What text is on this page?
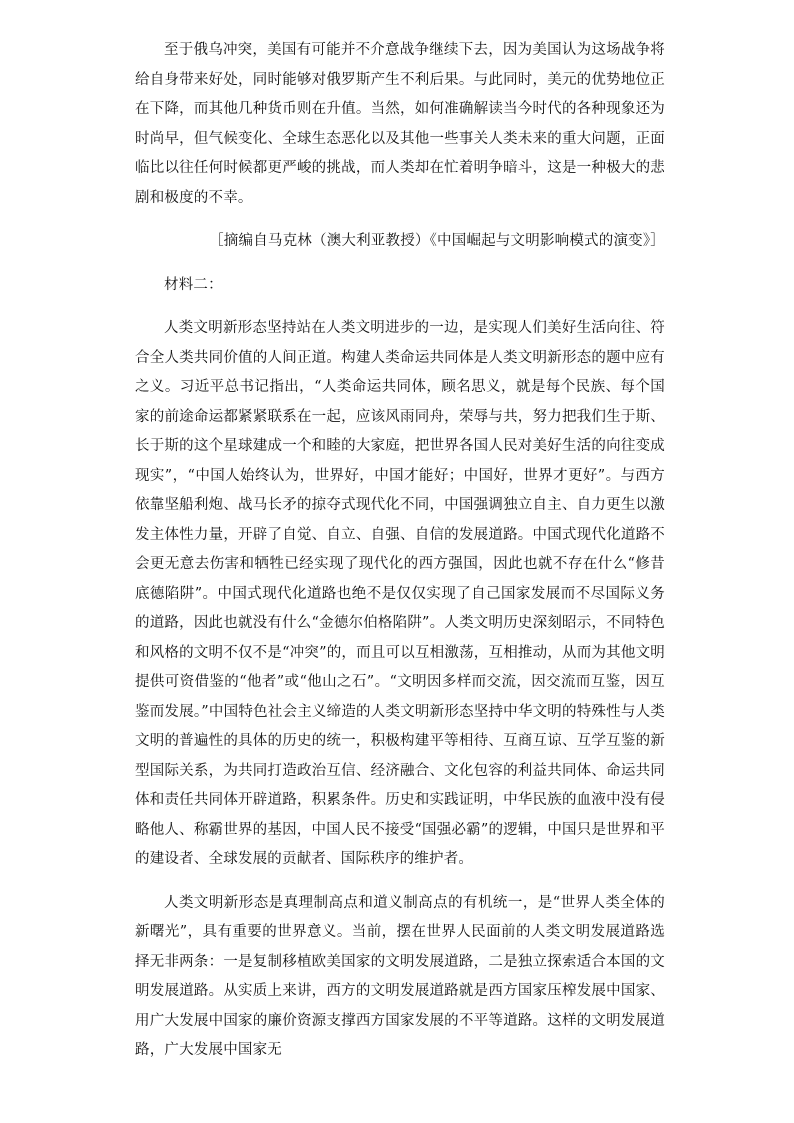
至于俄乌冲突，美国有可能并不介意战争继续下去，因为美国认为这场战争将给自身带来好处，同时能够对俄罗斯产生不利后果。与此同时，美元的优势地位正在下降，而其他几种货币则在升值。当然，如何准确解读当今时代的各种现象还为时尚早，但气候变化、全球生态恶化以及其他一些事关人类未来的重大问题，正面临比以往任何时候都更严峻的挑战，而人类却在忙着明争暗斗，这是一种极大的悲剧和极度的不幸。

［摘编自马克林（澳大利亚教授）《中国崛起与文明影响模式的演变》］

材料二：

人类文明新形态坚持站在人类文明进步的一边，是实现人们美好生活向往、符合全人类共同价值的人间正道。构建人类命运共同体是人类文明新形态的题中应有之义。习近平总书记指出，“人类命运共同体，顾名思义，就是每个民族、每个国家的前途命运都紧紧联系在一起，应该风雨同舟，荣辱与共，努力把我们生于斯、长于斯的这个星球建成一个和睦的大家庭，把世界各国人民对美好生活的向往变成现实”，“中国人始终认为，世界好，中国才能好；中国好，世界才更好”。与西方依靠坚船利炮、战马长矛的掠夺式现代化不同，中国强调独立自主、自力更生以激发主体性力量，开辟了自觉、自立、自强、自信的发展道路。中国式现代化道路不会更无意去伤害和牺牲已经实现了现代化的西方强国，因此也就不存在什么“修昔底德陷阱”。中国式现代化道路也绝不是仅仅实现了自己国家发展而不尽国际义务的道路，因此也就没有什么“金德尔伯格陷阱”。人类文明历史深刻昭示，不同特色和风格的文明不仅不是“冲突”的，而且可以互相激荡，互相推动，从而为其他文明提供可资借鉴的“他者”或“他山之石”。“文明因多样而交流，因交流而互鉴，因互鉴而发展。”中国特色社会主义缔造的人类文明新形态坚持中华文明的特殊性与人类文明的普遍性的具体的历史的统一，积极构建平等相待、互商互谅、互学互鉴的新型国际关系，为共同打造政治互信、经济融合、文化包容的利益共同体、命运共同体和责任共同体开辟道路，积累条件。历史和实践证明，中华民族的血液中没有侵略他人、称霸世界的基因，中国人民不接受“国强必霸”的逻辑，中国只是世界和平的建设者、全球发展的贡献者、国际秩序的维护者。

人类文明新形态是真理制高点和道义制高点的有机统一，是“世界人类全体的新曙光”，具有重要的世界意义。当前，摆在世界人民面前的人类文明发展道路选择无非两条：一是复制移植欧美国家的文明发展道路，二是独立探索适合本国的文明发展道路。从实质上来讲，西方的文明发展道路就是西方国家压榨发展中国家、用广大发展中国家的廉价资源支撑西方国家发展的不平等道路。这样的文明发展道路，广大发展中国家无
